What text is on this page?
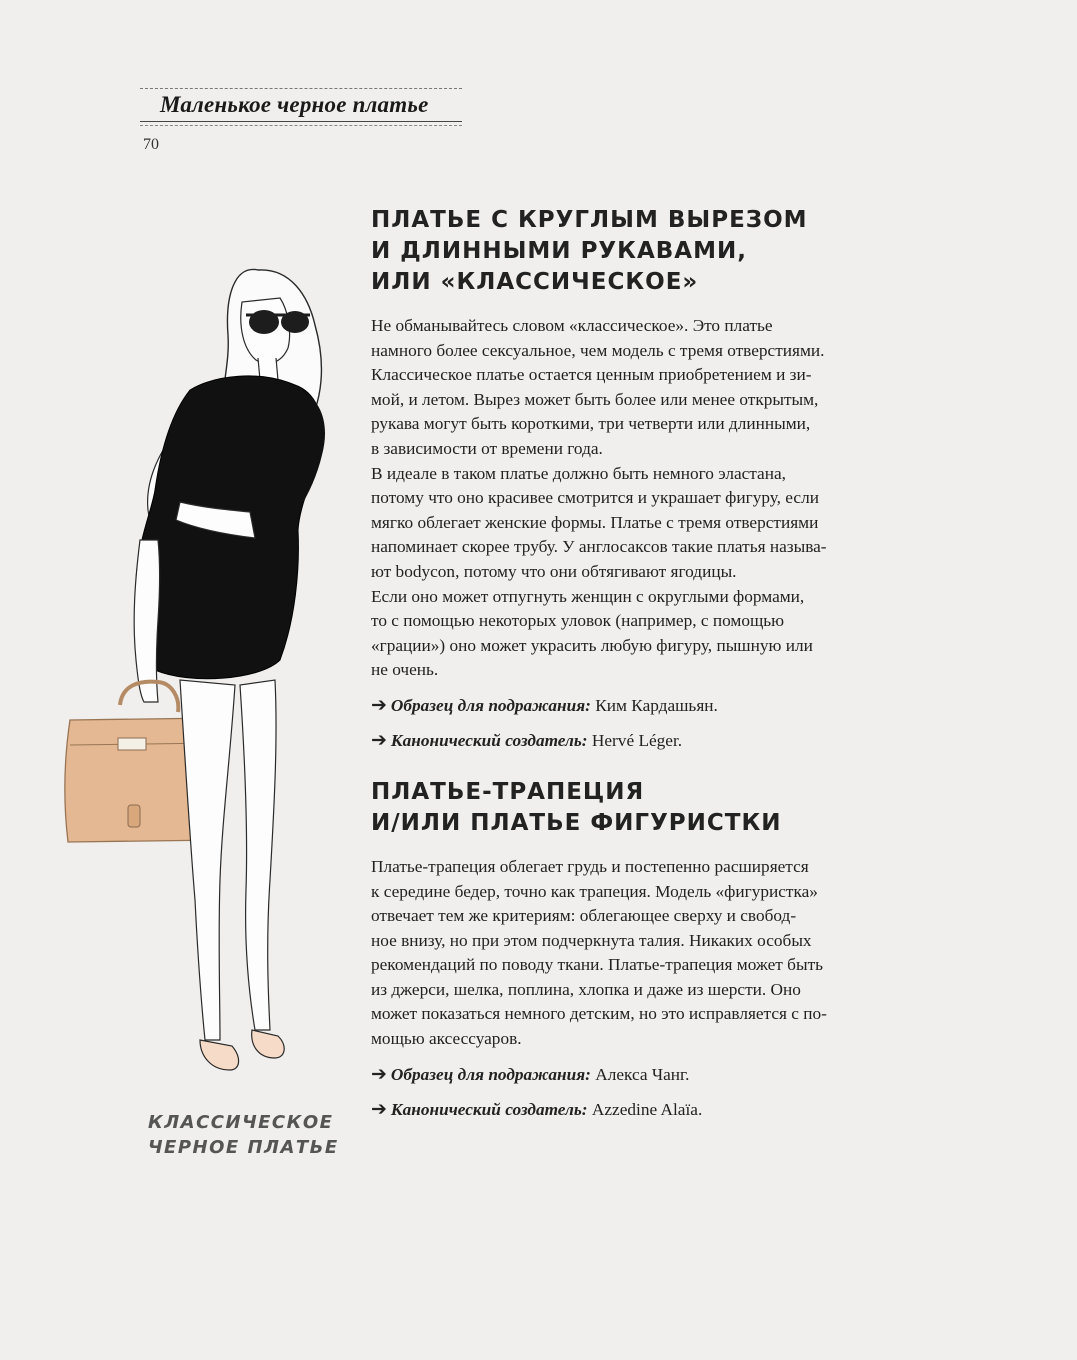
Маленькое черное платье
70
КЛАССИЧЕСКОЕ
ЧЕРНОЕ ПЛАТЬЕ
ПЛАТЬЕ С КРУГЛЫМ ВЫРЕЗОМ
И ДЛИННЫМИ РУКАВАМИ,
ИЛИ «КЛАССИЧЕСКОЕ»
Не обманывайтесь словом «классическое». Это платье
намного более сексуальное, чем модель с тремя отверстиями.
Классическое платье остается ценным приобретением и зи-
мой, и летом. Вырез может быть более или менее открытым,
рукава могут быть короткими, три четверти или длинными,
в зависимости от времени года.
В идеале в таком платье должно быть немного эластана,
потому что оно красивее смотрится и украшает фигуру, если
мягко облегает женские формы. Платье с тремя отверстиями
напоминает скорее трубу. У англосаксов такие платья называ-
ют bodycon, потому что они обтягивают ягодицы.
Если оно может отпугнуть женщин с округлыми формами,
то с помощью некоторых уловок (например, с помощью
«грации») оно может украсить любую фигуру, пышную или
не очень.
➔ Образец для подражания: Ким Кардашьян.
➔ Канонический создатель: Hervé Léger.
ПЛАТЬЕ-ТРАПЕЦИЯ
И/ИЛИ ПЛАТЬЕ ФИГУРИСТКИ
Платье-трапеция облегает грудь и постепенно расширяется
к середине бедер, точно как трапеция. Модель «фигуристка»
отвечает тем же критериям: облегающее сверху и свобод-
ное внизу, но при этом подчеркнута талия. Никаких особых
рекомендаций по поводу ткани. Платье-трапеция может быть
из джерси, шелка, поплина, хлопка и даже из шерсти. Оно
может показаться немного детским, но это исправляется с по-
мощью аксессуаров.
➔ Образец для подражания: Алекса Чанг.
➔ Канонический создатель: Azzedine Alaïa.
